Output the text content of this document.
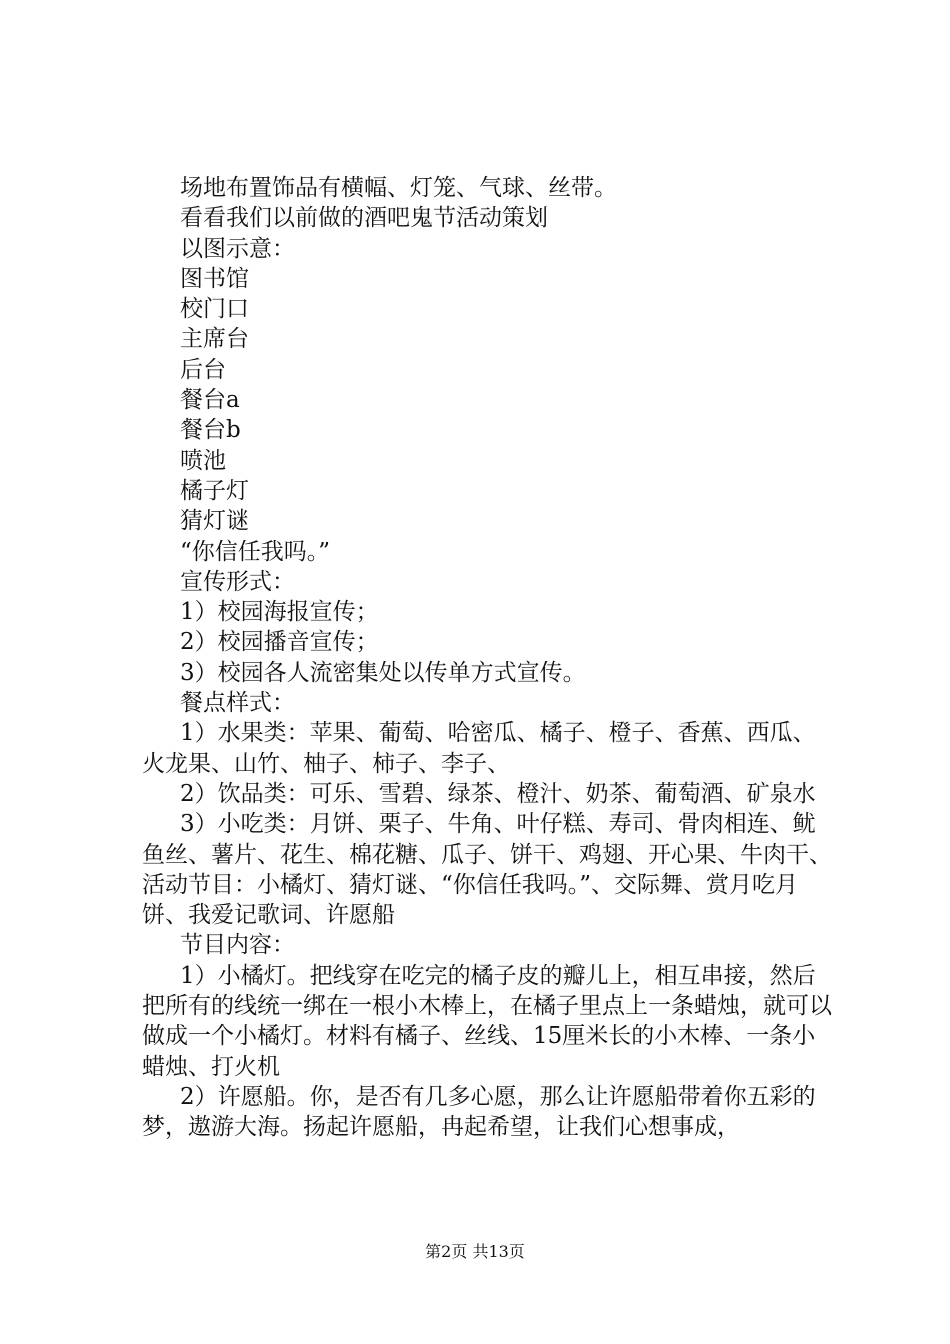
场地布置饰品有横幅、灯笼、气球、丝带。

看看我们以前做的酒吧鬼节活动策划

以图示意：

图书馆

校门口

主席台

后台

餐台a

餐台b

喷池

橘子灯

猜灯谜

“你信任我吗。”

宣传形式：

1）校园海报宣传；

2）校园播音宣传；

3）校园各人流密集处以传单方式宣传。

餐点样式：

1）水果类：苹果、葡萄、哈密瓜、橘子、橙子、香蕉、西瓜、火龙果、山竹、柚子、柿子、李子、

2）饮品类：可乐、雪碧、绿茶、橙汁、奶茶、葡萄酒、矿泉水

3）小吃类：月饼、栗子、牛角、叶仔糕、寿司、骨肉相连、鱿鱼丝、薯片、花生、棉花糖、瓜子、饼干、鸡翅、开心果、牛肉干、活动节目：小橘灯、猜灯谜、“你信任我吗。”、交际舞、赏月吃月饼、我爱记歌词、许愿船

节目内容：

1）小橘灯。把线穿在吃完的橘子皮的瓣儿上，相互串接，然后把所有的线统一绑在一根小木棒上，在橘子里点上一条蜡烛，就可以做成一个小橘灯。材料有橘子、丝线、15厘米长的小木棒、一条小蜡烛、打火机

2）许愿船。你，是否有几多心愿，那么让许愿船带着你五彩的梦，遨游大海。扬起许愿船，冉起希望，让我们心想事成，

第2页 共13页
